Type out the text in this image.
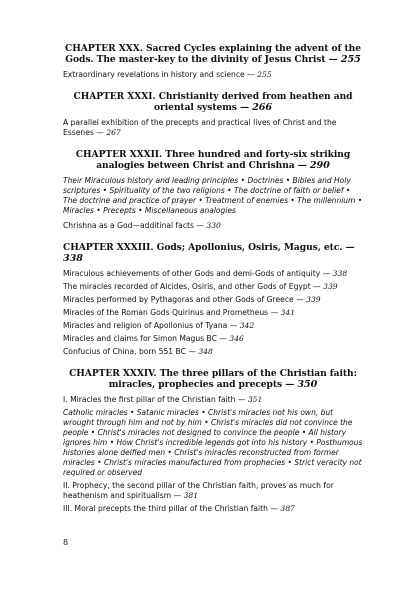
CHAPTER XXX. Sacred Cycles explaining the advent of the Gods. The master-key to the divinity of Jesus Christ — 255
Extraordinary revelations in history and science — 255
CHAPTER XXXI. Christianity derived from heathen and oriental systems — 266
A parallel exhibition of the precepts and practical lives of Christ and the Essenes — 267
CHAPTER XXXII. Three hundred and forty-six striking analogies between Christ and Chrishna — 290
Their Miraculous history and leading principles • Doctrines • Bibles and Holy scriptures • Spirituality of the two religions • The doctrine of faith or belief • The doctrine and practice of prayer • Treatment of enemies • The millennium • Miracles • Precepts • Miscellaneous analogies
Chrishna as a God—additinal facts — 330
CHAPTER XXXIII. Gods; Apollonius, Osiris, Magus, etc. — 338
Miraculous achievements of other Gods and demi-Gods of antiquity — 338
The miracles recorded of Alcides, Osiris, and other Gods of Egypt — 339
Miracles performed by Pythagoras and other Gods of Greece — 339
Miracles of the Roman Gods Quirinus and Prometheus — 341
Miracles and religion of Apollonius of Tyana — 342
Miracles and claims for Simon Magus BC — 346
Confucius of China, born 551 BC — 348
CHAPTER XXXIV. The three pillars of the Christian faith: miracles, prophecies and precepts — 350
I. Miracles the first pillar of the Christian faith — 351
Catholic miracles • Satanic miracles • Christ's miracles not his own, but wrought through him and not by him • Christ's miracles did not convince the people • Christ's miracles not designed to convince the people • All history ignores him • How Christ's incredible legends got into his history • Posthumous histories alone deified men • Christ's miracles reconstructed from former miracles • Christ's miracles manufactured from prophecies • Strict veracity not required or observed
II. Prophecy, the second pillar of the Christian faith, proves as much for heathenism and spiritualism — 381
III. Moral precepts the third pillar of the Christian faith — 387
8
